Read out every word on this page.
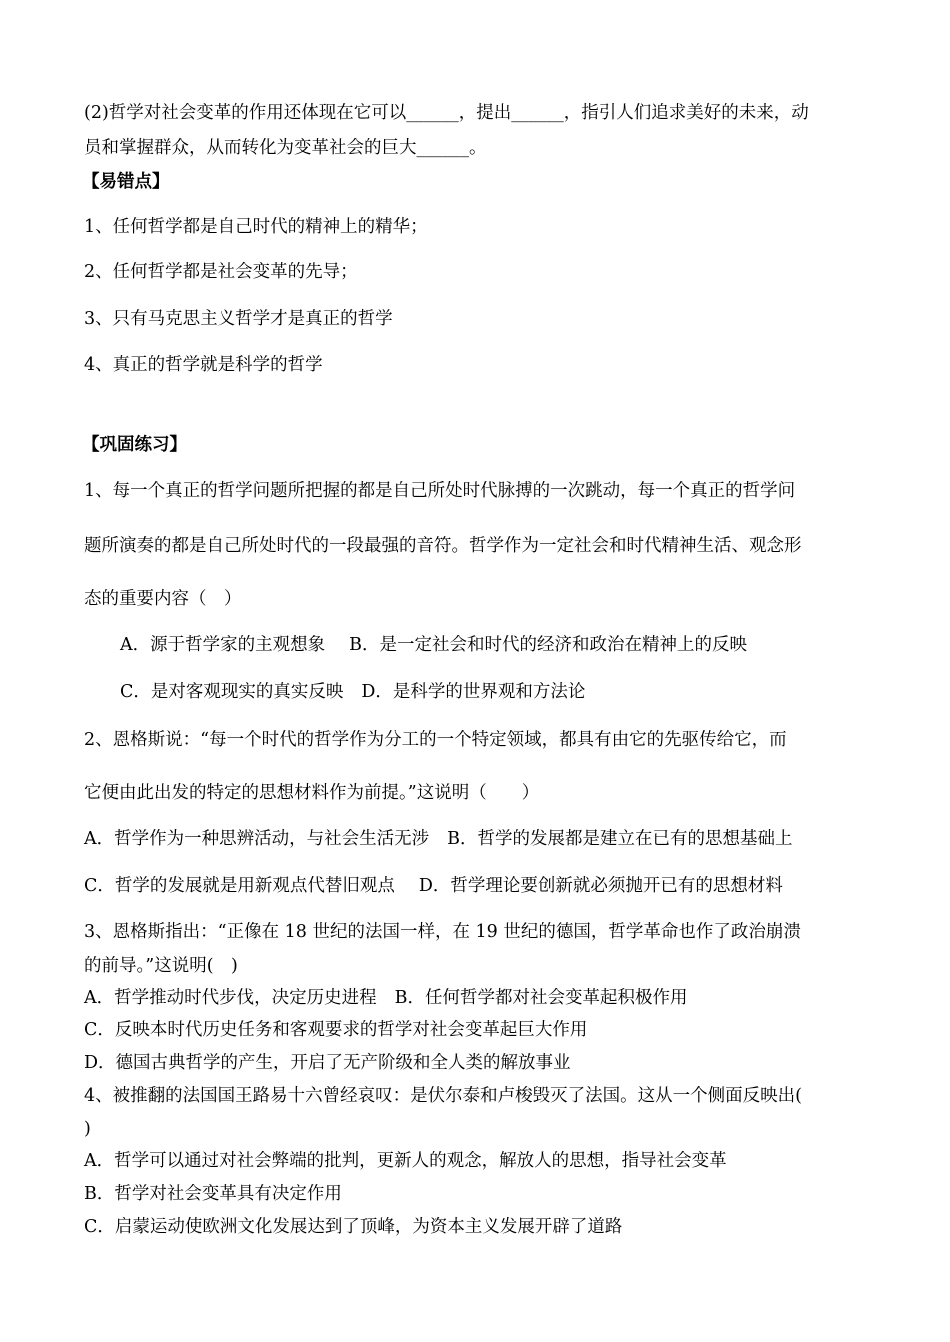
(2)哲学对社会变革的作用还体现在它可以______，提出______，指引人们追求美好的未来，动
员和掌握群众，从而转化为变革社会的巨大______。
【易错点】
1、任何哲学都是自己时代的精神上的精华；
2、任何哲学都是社会变革的先导；
3、只有马克思主义哲学才是真正的哲学
4、真正的哲学就是科学的哲学
【巩固练习】
1、每一个真正的哲学问题所把握的都是自己所处时代脉搏的一次跳动，每一个真正的哲学问
题所演奏的都是自己所处时代的一段最强的音符。哲学作为一定社会和时代精神生活、观念形
态的重要内容（　）
A．源于哲学家的主观想象 B．是一定社会和时代的经济和政治在精神上的反映
C．是对客观现实的真实反映 D．是科学的世界观和方法论
2、恩格斯说：“每一个时代的哲学作为分工的一个特定领域，都具有由它的先驱传给它，而
它便由此出发的特定的思想材料作为前提。”这说明（　　）
A．哲学作为一种思辨活动，与社会生活无涉 B．哲学的发展都是建立在已有的思想基础上
C．哲学的发展就是用新观点代替旧观点 D．哲学理论要创新就必须抛开已有的思想材料
3、恩格斯指出：“正像在 18 世纪的法国一样，在 19 世纪的德国，哲学革命也作了政治崩溃
的前导。”这说明(　)
A．哲学推动时代步伐，决定历史进程 B．任何哲学都对社会变革起积极作用
C．反映本时代历史任务和客观要求的哲学对社会变革起巨大作用
D．德国古典哲学的产生，开启了无产阶级和全人类的解放事业
4、被推翻的法国国王路易十六曾经哀叹：是伏尔泰和卢梭毁灭了法国。这从一个侧面反映出(
)
A．哲学可以通过对社会弊端的批判，更新人的观念，解放人的思想，指导社会变革
B．哲学对社会变革具有决定作用
C．启蒙运动使欧洲文化发展达到了顶峰，为资本主义发展开辟了道路
